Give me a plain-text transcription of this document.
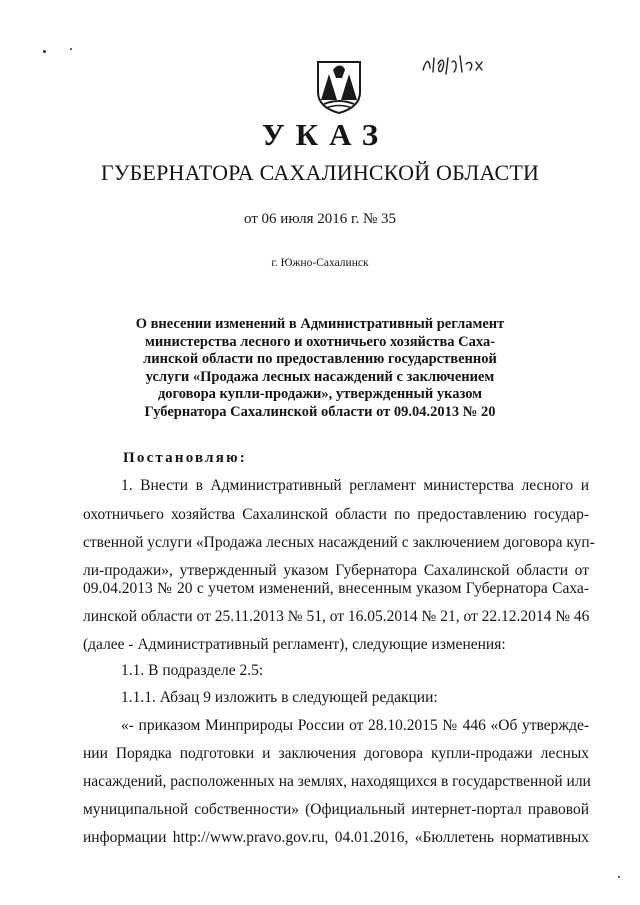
УКАЗ
ГУБЕРНАТОРА САХАЛИНСКОЙ ОБЛАСТИ
от 06 июля 2016 г. № 35
г. Южно-Сахалинск
О внесении изменений в Административный регламент
министерства лесного и охотничьего хозяйства Саха-
линской области по предоставлению государственной
услуги «Продажа лесных насаждений с заключением
договора купли-продажи», утвержденный указом
Губернатора Сахалинской области от 09.04.2013 № 20
Постановляю:
1. Внести в Административный регламент министерства лесного и
охотничьего хозяйства Сахалинской области по предоставлению государ-
ственной услуги «Продажа лесных насаждений с заключением договора куп-
ли-продажи», утвержденный указом Губернатора Сахалинской области от
09.04.2013 № 20 с учетом изменений, внесенным указом Губернатора Саха-
линской области от 25.11.2013 № 51, от 16.05.2014 № 21, от 22.12.2014 № 46
(далее - Административный регламент), следующие изменения:
1.1. В подразделе 2.5:
1.1.1. Абзац 9 изложить в следующей редакции:
«- приказом Минприроды России от 28.10.2015 № 446 «Об утвержде-
нии Порядка подготовки и заключения договора купли-продажи лесных
насаждений, расположенных на землях, находящихся в государственной или
муниципальной собственности» (Официальный интернет-портал правовой
информации http://www.pravo.gov.ru, 04.01.2016, «Бюллетень нормативных
